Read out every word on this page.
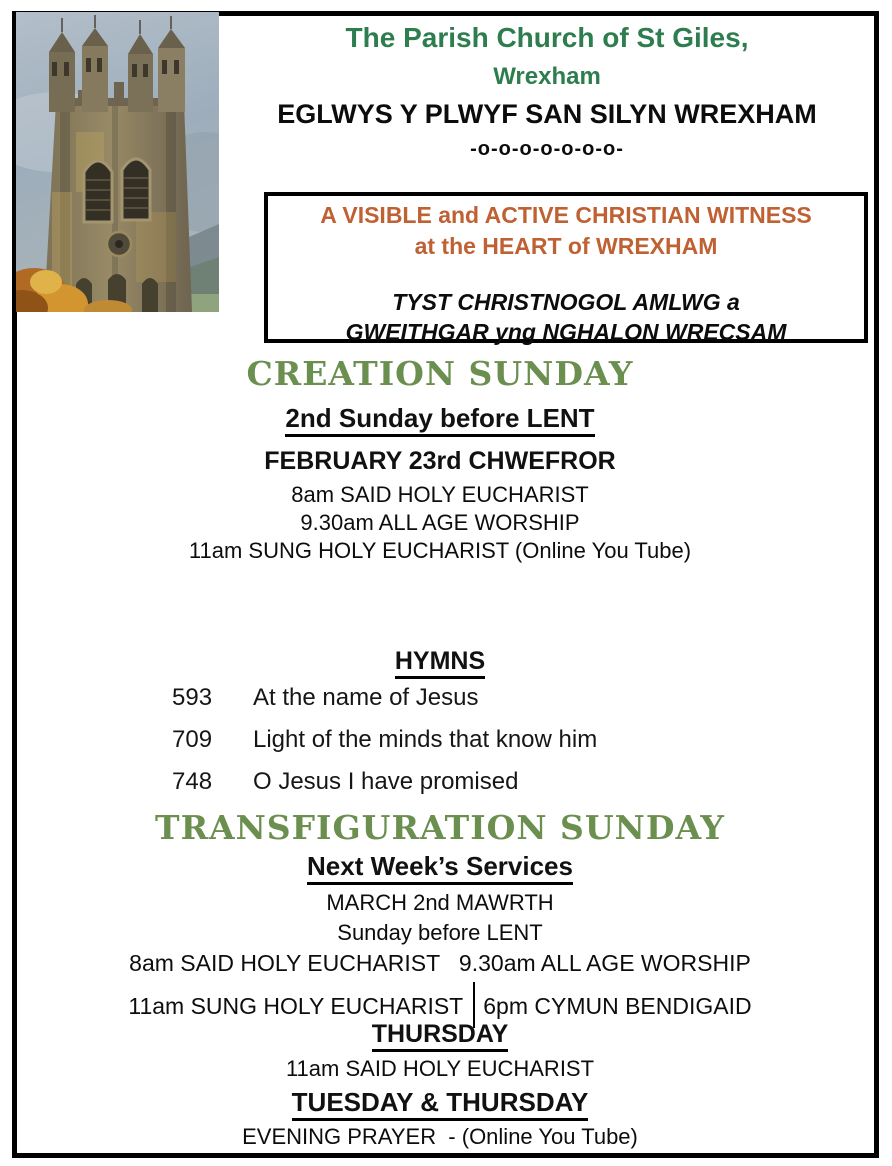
The Parish Church of St Giles,
Wrexham
EGLWYS Y PLWYF SAN SILYN WREXHAM
-o-o-o-o-o-o-o-
A VISIBLE and ACTIVE CHRISTIAN WITNESS
at the HEART of WREXHAM
TYST CHRISTNOGOL AMLWG a
GWEITHGAR yng NGHALON WRECSAM
CREATION SUNDAY
2nd Sunday before LENT
FEBRUARY 23rd CHWEFROR
8am SAID HOLY EUCHARIST
9.30am ALL AGE WORSHIP
11am SUNG HOLY EUCHARIST (Online You Tube)
HYMNS
593	At the name of Jesus
709	Light of the minds that know him
748	O Jesus I have promised
TRANSFIGURATION SUNDAY
Next Week’s Services
MARCH 2nd MAWRTH
Sunday before LENT
8am SAID HOLY EUCHARIST   9.30am ALL AGE WORSHIP
11am SUNG HOLY EUCHARIST 6pm CYMUN BENDIGAID
THURSDAY
11am SAID HOLY EUCHARIST
TUESDAY & THURSDAY
EVENING PRAYER  - (Online You Tube)
